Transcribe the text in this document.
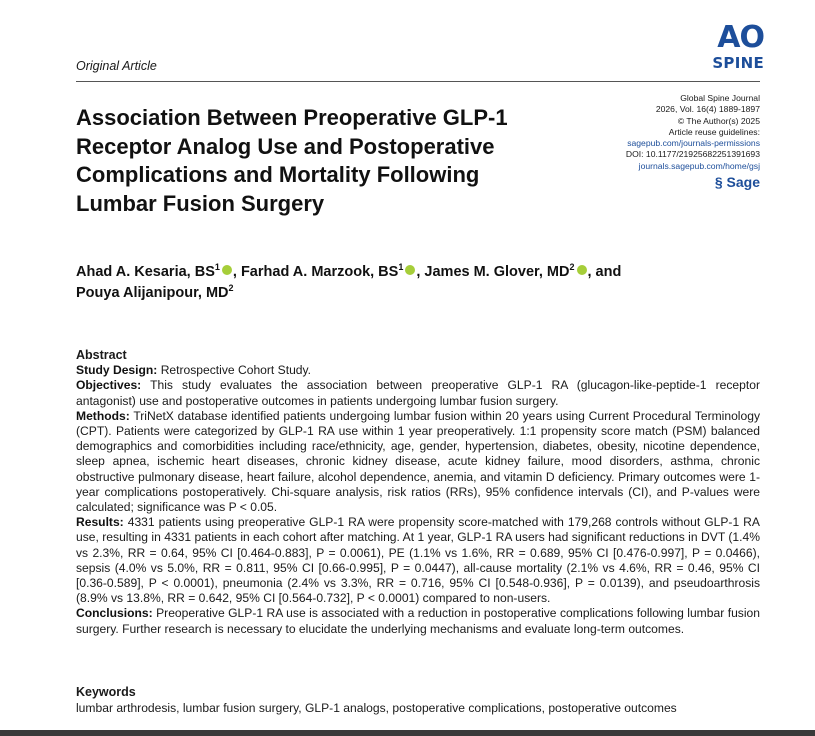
Original Article
AO
SPINE
Association Between Preoperative GLP-1 Receptor Analog Use and Postoperative Complications and Mortality Following Lumbar Fusion Surgery
Global Spine Journal
2026, Vol. 16(4) 1889-1897
© The Author(s) 2025
Article reuse guidelines:
sagepub.com/journals-permissions
DOI: 10.1177/21925682251391693
journals.sagepub.com/home/gsj
§ Sage
Ahad A. Kesaria, $BS^1$ , Farhad A. Marzook, $BS^1$ , James M. Glover, $MD^2$ , and
Pouya Alijanipour, $MD^2$
Abstract

Study Design: Retrospective Cohort Study.

Objectives: This study evaluates the association between preoperative GLP-1 RA (glucagon-like-peptide-1 receptor antagonist) use and postoperative outcomes in patients undergoing lumbar fusion surgery.

Methods: TriNetX database identified patients undergoing lumbar fusion within 20 years using Current Procedural Terminology (CPT). Patients were categorized by GLP-1 RA use within 1 year preoperatively. 1:1 propensity score match (PSM) balanced demographics and comorbidities including race/ethnicity, age, gender, hypertension, diabetes, obesity, nicotine dependence, sleep apnea, ischemic heart diseases, chronic kidney disease, acute kidney failure, mood disorders, asthma, chronic obstructive pulmonary disease, heart failure, alcohol dependence, anemia, and vitamin D deficiency. Primary outcomes were 1-year complications postoperatively. Chi-square analysis, risk ratios (RRs), 95% confidence intervals (CI), and P-values were calculated; significance was P < 0.05.

Results: 4331 patients using preoperative GLP-1 RA were propensity score-matched with 179,268 controls without GLP-1 RA use, resulting in 4331 patients in each cohort after matching. At 1 year, GLP-1 RA users had significant reductions in DVT (1.4% vs 2.3%, RR = 0.64, 95% CI [0.464-0.883], P = 0.0061), PE (1.1% vs 1.6%, RR = 0.689, 95% CI [0.476-0.997], P = 0.0466), sepsis (4.0% vs 5.0%, RR = 0.811, 95% CI [0.66-0.995], P = 0.0447), all-cause mortality (2.1% vs 4.6%, RR = 0.46, 95% CI [0.36-0.589], P < 0.0001), pneumonia (2.4% vs 3.3%, RR = 0.716, 95% CI [0.548-0.936], P = 0.0139), and pseudoarthrosis (8.9% vs 13.8%, RR = 0.642, 95% CI [0.564-0.732], P < 0.0001) compared to non-users.

Conclusions: Preoperative GLP-1 RA use is associated with a reduction in postoperative complications following lumbar fusion surgery. Further research is necessary to elucidate the underlying mechanisms and evaluate long-term outcomes.

Keywords
lumbar arthrodesis, lumbar fusion surgery, GLP-1 analogs, postoperative complications, postoperative outcomes
